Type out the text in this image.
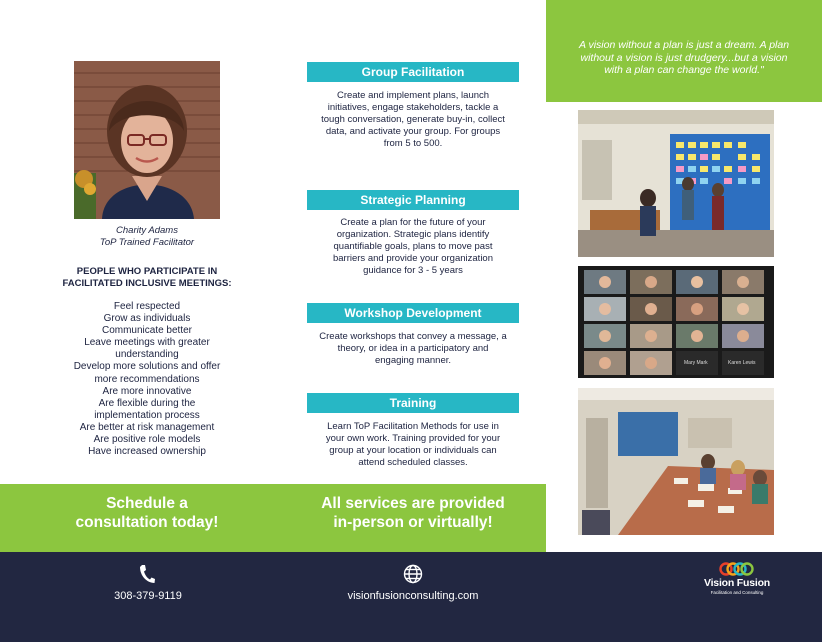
Charity Adams
ToP Trained Facilitator
PEOPLE WHO PARTICIPATE IN
FACILITATED INCLUSIVE MEETINGS:
Feel respected
Grow as individuals
Communicate better
Leave meetings with greater understanding
Develop more solutions and offer more recommendations
Are more innovative
Are flexible during the implementation process
Are better at risk management
Are positive role models
Have increased ownership
Group Facilitation
Create and implement plans, launch initiatives, engage stakeholders, tackle a tough conversation, generate buy-in, collect data, and activate your group. For groups from 5 to 500.
Strategic Planning
Create a plan for the future of your organization. Strategic plans identify quantifiable goals, plans to move past barriers and provide your organization guidance for 3 - 5 years
Workshop Development
Create workshops that convey a message, a theory, or idea in a participatory and engaging manner.
Training
Learn ToP Facilitation Methods for use in your own work. Training provided for your group at your location or individuals can attend scheduled classes.
A vision without a plan is just a dream. A plan without a vision is just drudgery...but a vision with a plan can change the world."
Mary Mark	Karen Lewis
Schedule a
consultation today!
All services are provided
in-person or virtually!
308-379-9119	visionfusionconsulting.com
Vision Fusion
Facilitation and Consulting
